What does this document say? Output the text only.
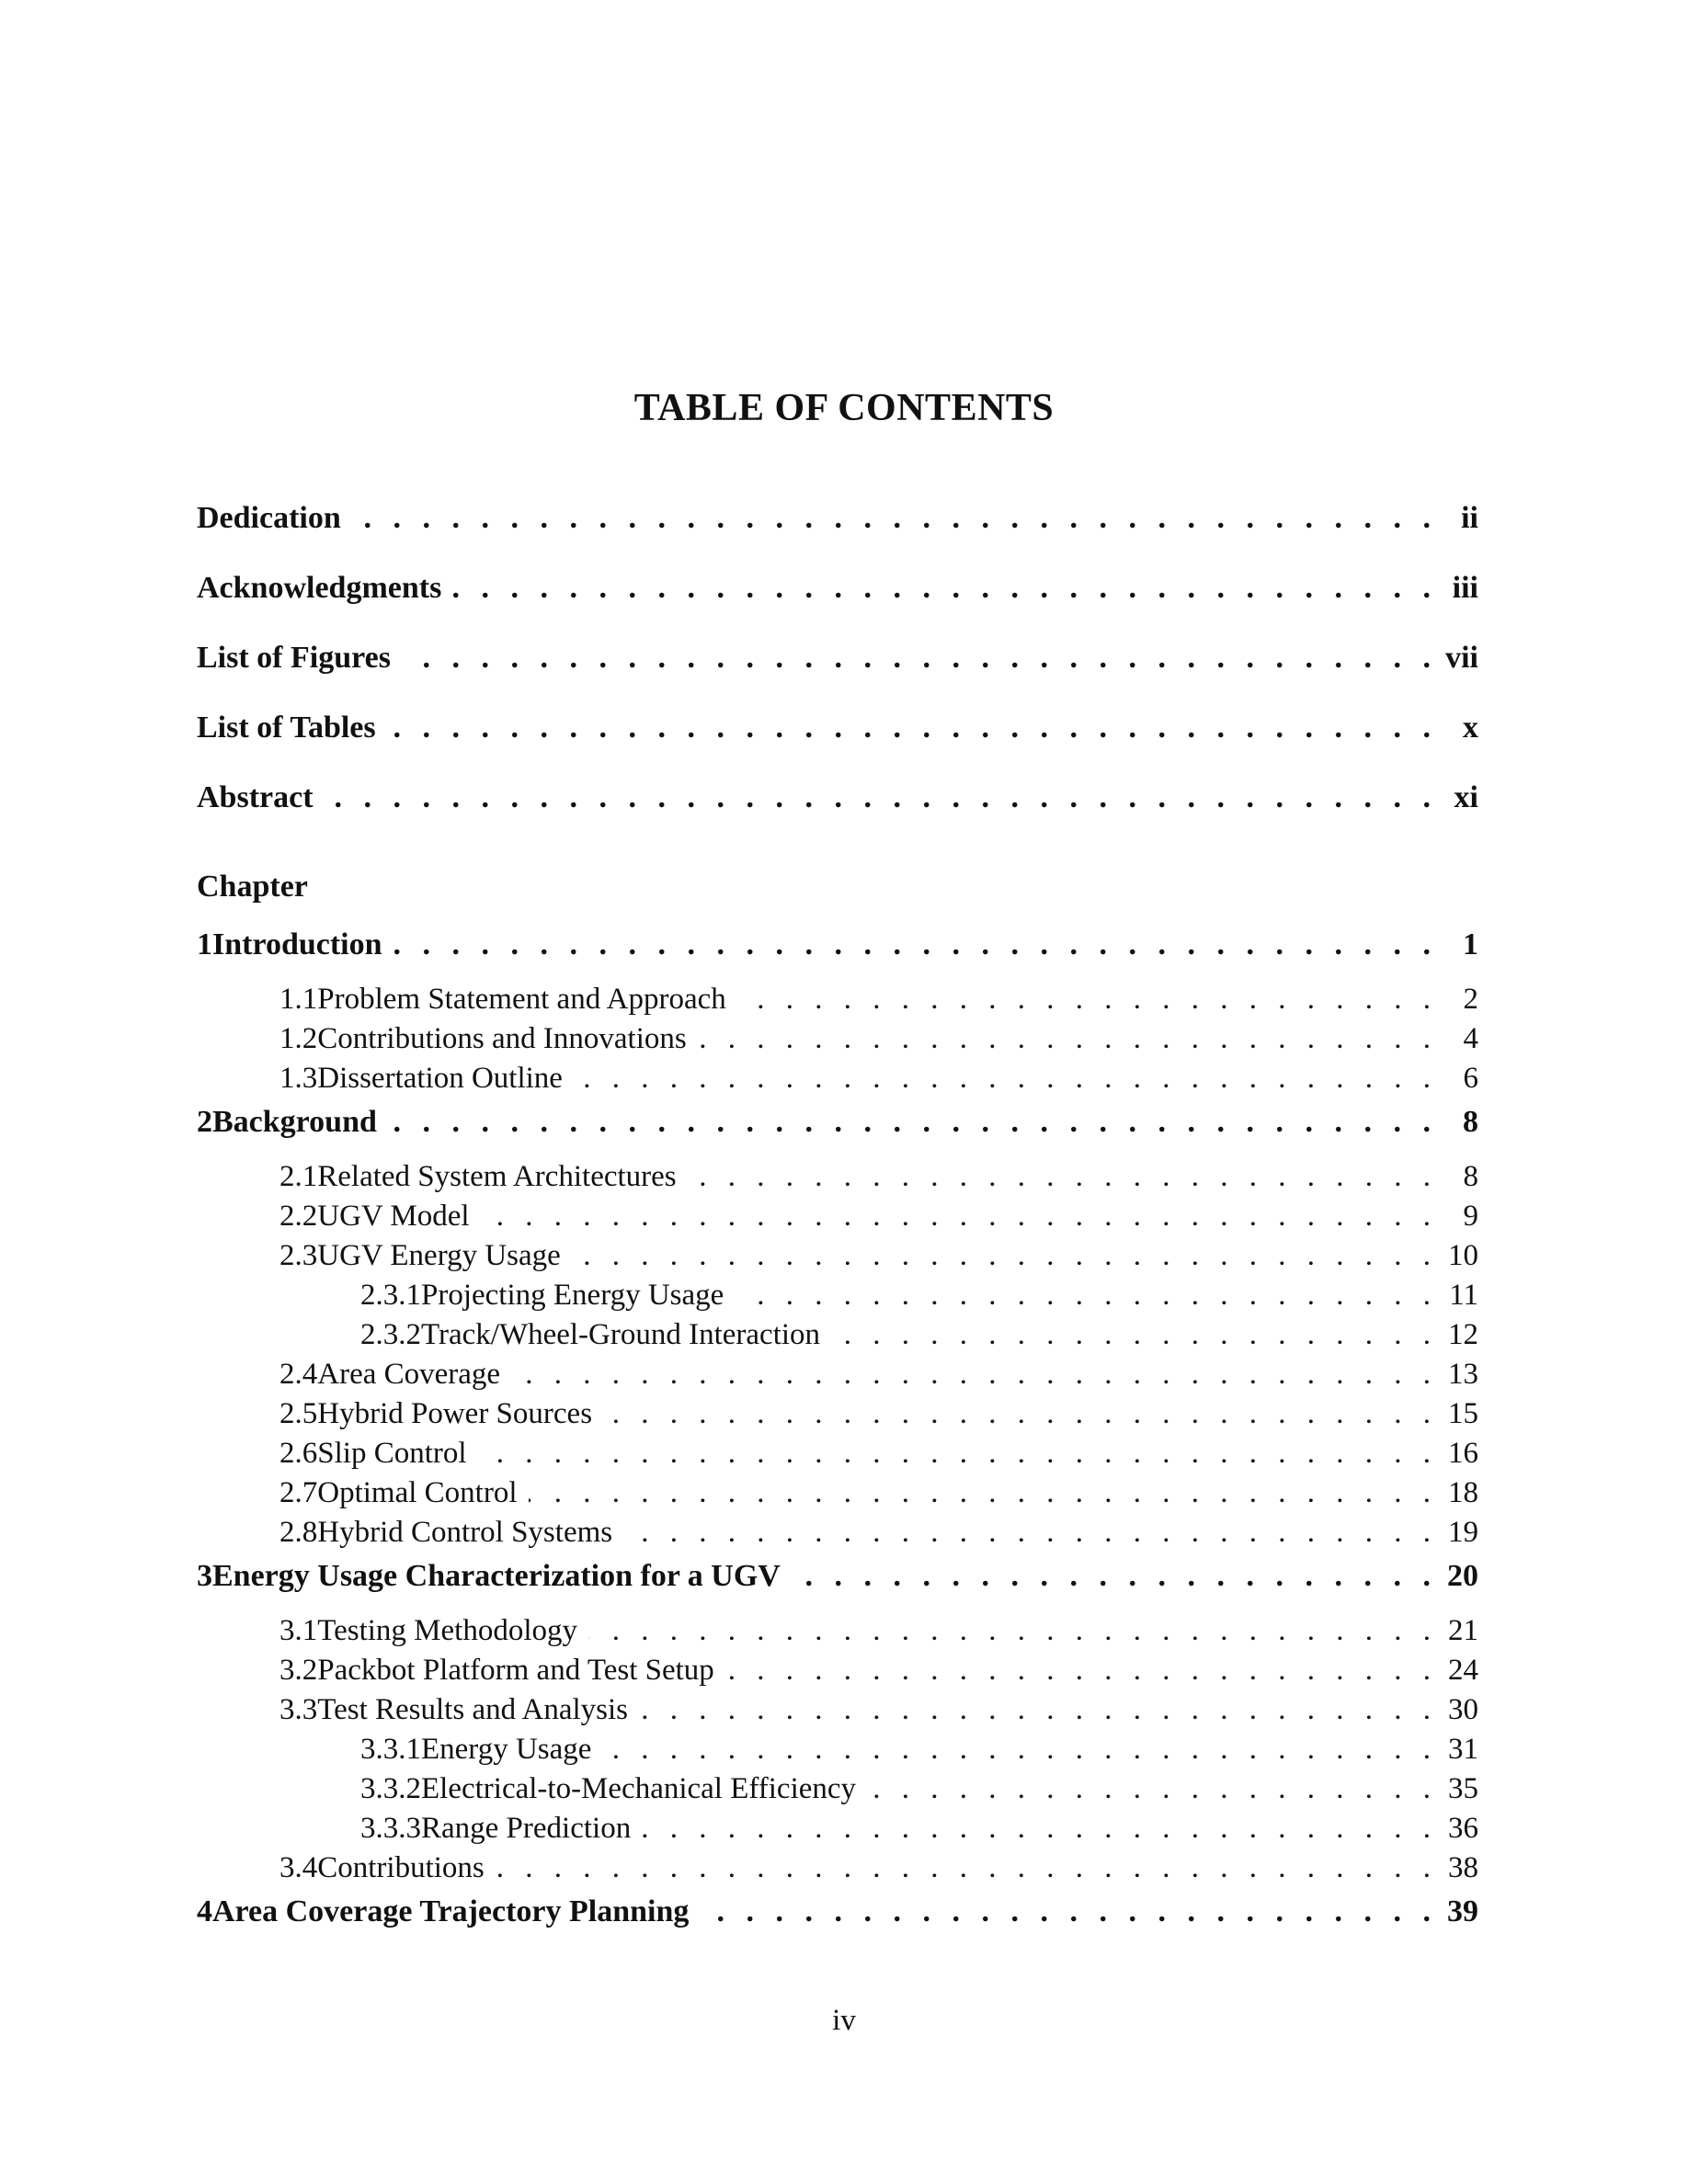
TABLE OF CONTENTS
Dedication . . .	ii
Acknowledgments . . .	iii
List of Figures . . .	vii
List of Tables . . .	x
Abstract . . .	xi
Chapter
1 Introduction . . .	1
1.1 Problem Statement and Approach . . .	2
1.2 Contributions and Innovations . . .	4
1.3 Dissertation Outline . . .	6
2 Background . . .	8
2.1 Related System Architectures . . .	8
2.2 UGV Model . . .	9
2.3 UGV Energy Usage . . .	10
2.3.1 Projecting Energy Usage . . .	11
2.3.2 Track/Wheel-Ground Interaction . . .	12
2.4 Area Coverage . . .	13
2.5 Hybrid Power Sources . . .	15
2.6 Slip Control . . .	16
2.7 Optimal Control . . .	18
2.8 Hybrid Control Systems . . .	19
3 Energy Usage Characterization for a UGV . . .	20
3.1 Testing Methodology . . .	21
3.2 Packbot Platform and Test Setup . . .	24
3.3 Test Results and Analysis . . .	30
3.3.1 Energy Usage . . .	31
3.3.2 Electrical-to-Mechanical Efficiency . . .	35
3.3.3 Range Prediction . . .	36
3.4 Contributions . . .	38
4 Area Coverage Trajectory Planning . . .	39
iv
